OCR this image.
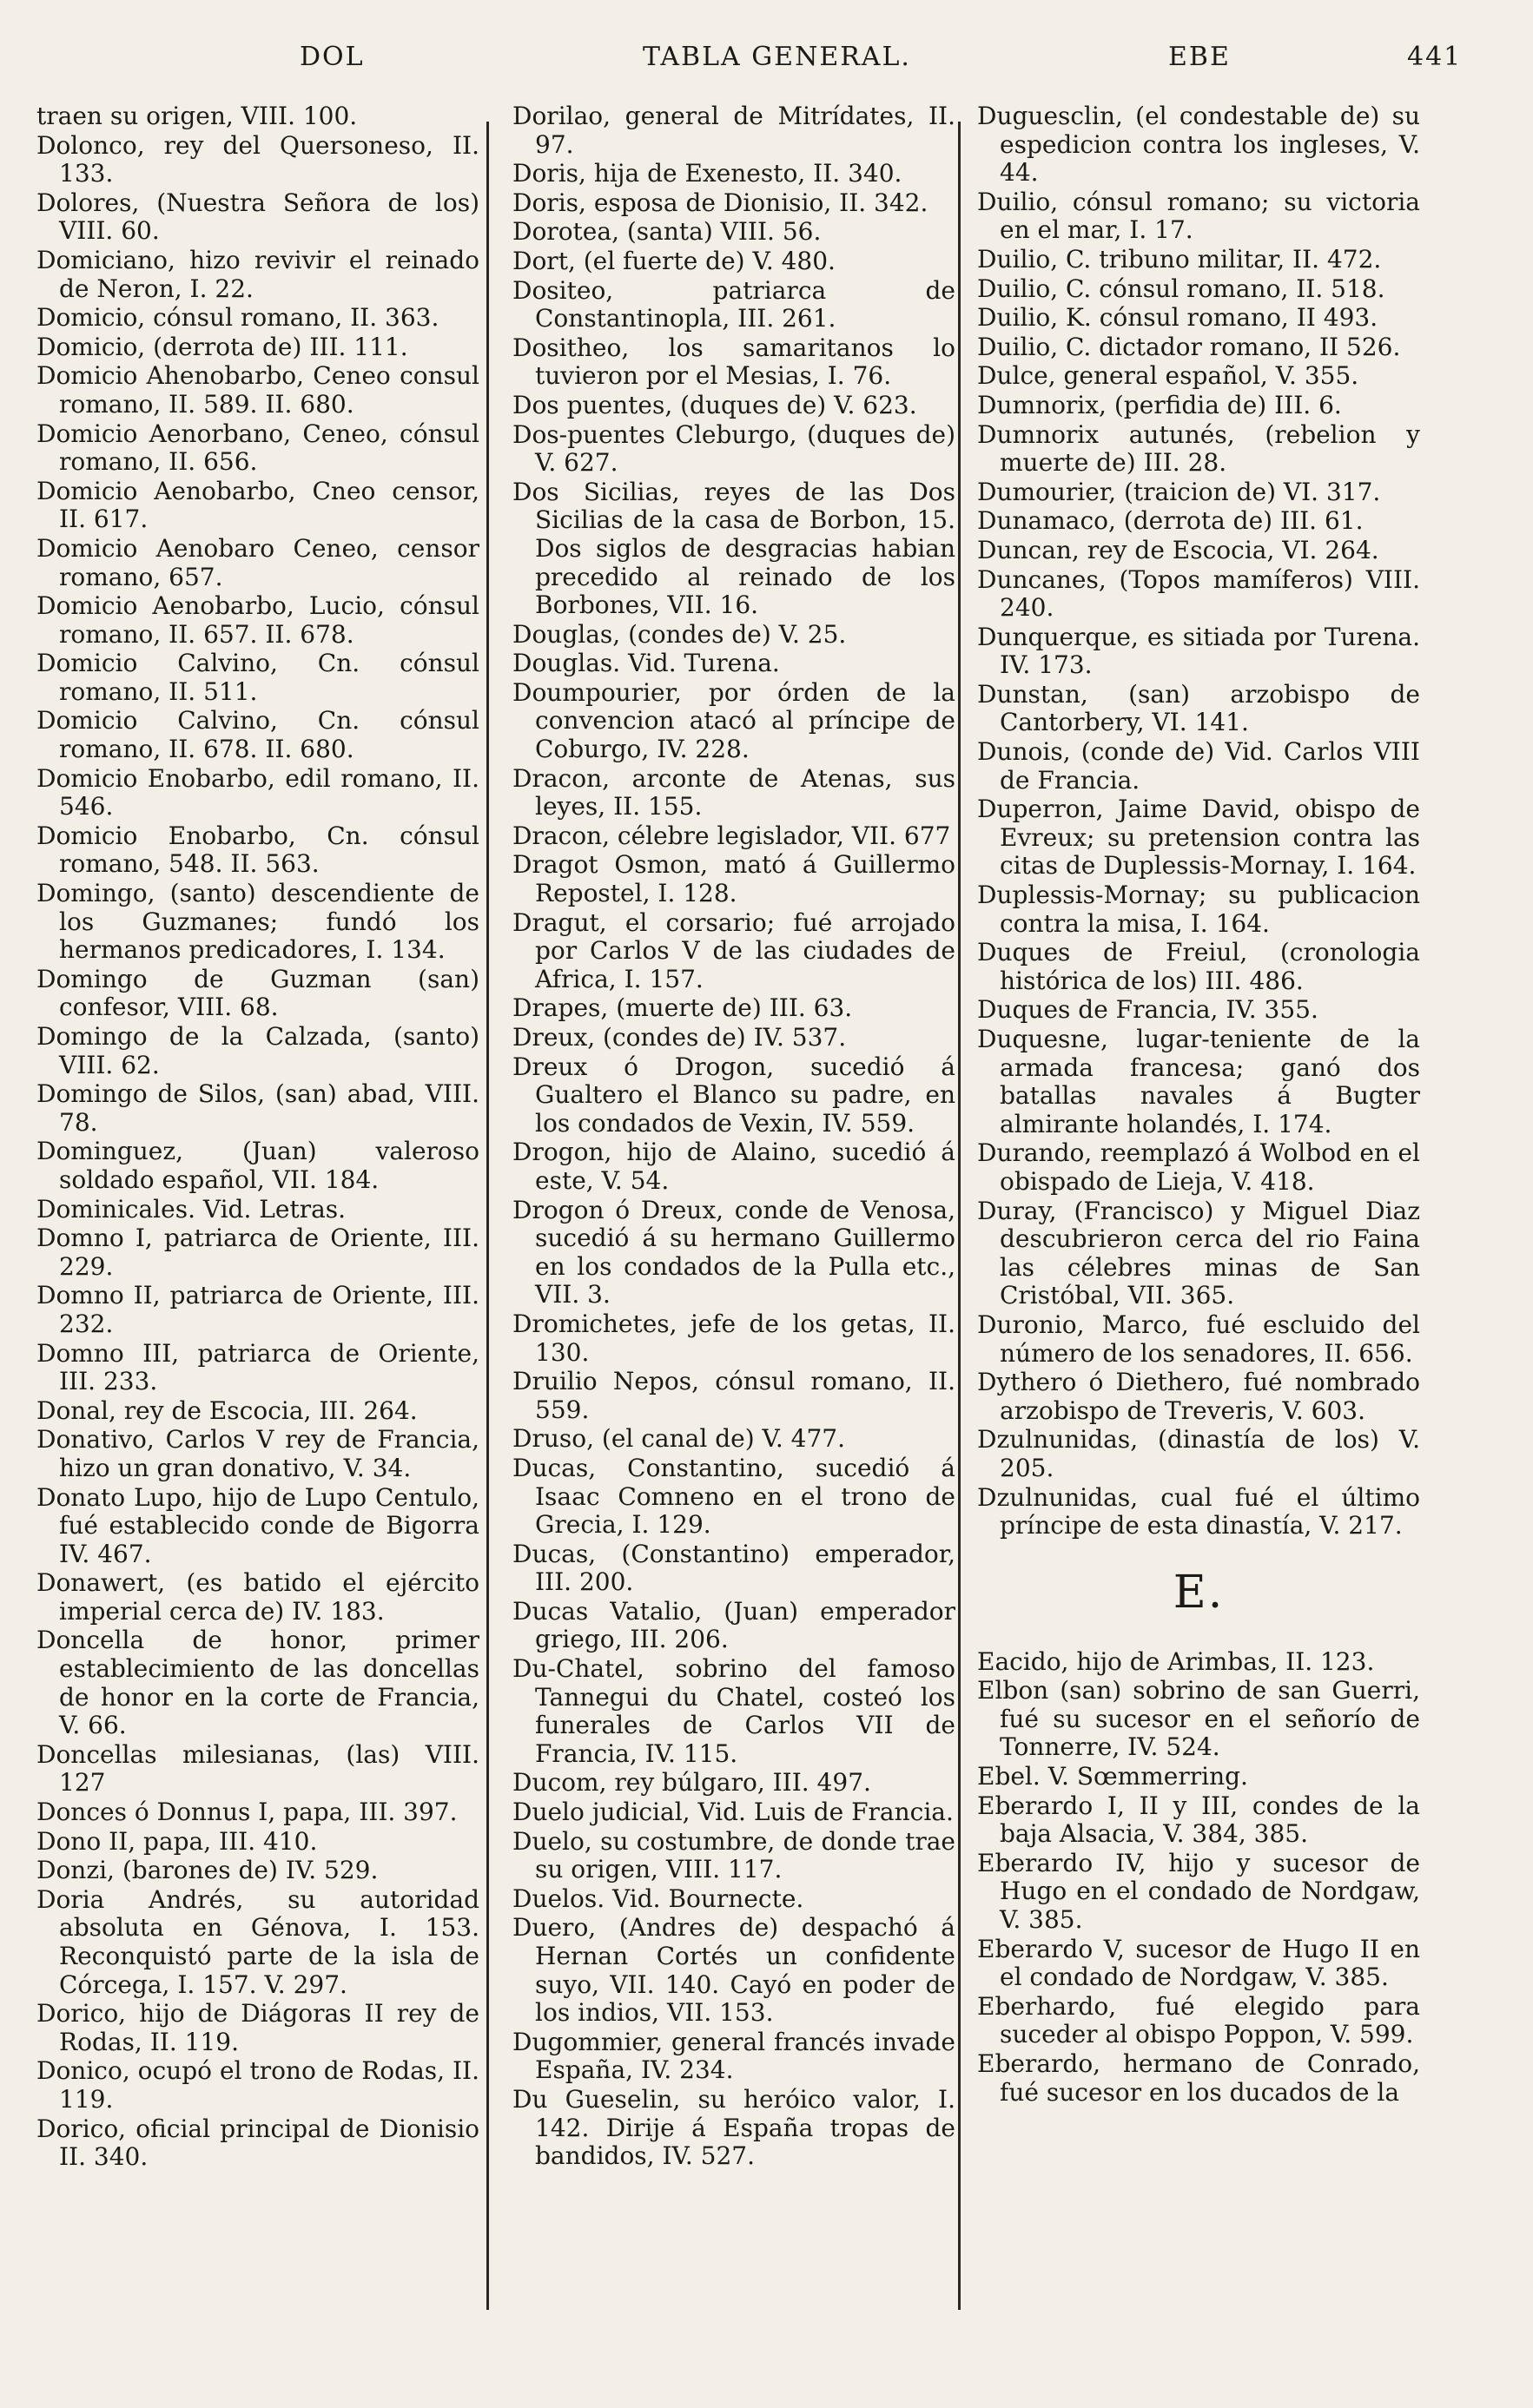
DOL	TABLA GENERAL.	EBE	441

traen su origen, VIII. 100.

Dolonco, rey del Quersoneso, II. 133.

Dolores, (Nuestra Señora de los) VIII. 60.

Domiciano, hizo revivir el reinado de Neron, I. 22.

Domicio, cónsul romano, II. 363.

Domicio, (derrota de) III. 111.

Domicio Ahenobarbo, Ceneo consul romano, II. 589. II. 680.

Domicio Aenorbano, Ceneo, cónsul romano, II. 656.

Domicio Aenobarbo, Cneo censor, II. 617.

Domicio Aenobaro Ceneo, censor romano, 657.

Domicio Aenobarbo, Lucio, cónsul romano, II. 657. II. 678.

Domicio Calvino, Cn. cónsul romano, II. 511.

Domicio Calvino, Cn. cónsul romano, II. 678. II. 680.

Domicio Enobarbo, edil romano, II. 546.

Domicio Enobarbo, Cn. cónsul romano, 548. II. 563.

Domingo, (santo) descendiente de los Guzmanes; fundó los hermanos predicadores, I. 134.

Domingo de Guzman (san) confesor, VIII. 68.

Domingo de la Calzada, (santo) VIII. 62.

Domingo de Silos, (san) abad, VIII. 78.

Dominguez, (Juan) valeroso soldado español, VII. 184.

Dominicales. Vid. Letras.

Domno I, patriarca de Oriente, III. 229.

Domno II, patriarca de Oriente, III. 232.

Domno III, patriarca de Oriente, III. 233.

Donal, rey de Escocia, III. 264.

Donativo, Carlos V rey de Francia, hizo un gran donativo, V. 34.

Donato Lupo, hijo de Lupo Centulo, fué establecido conde de Bigorra IV. 467.

Donawert, (es batido el ejército imperial cerca de) IV. 183.

Doncella de honor, primer establecimiento de las doncellas de honor en la corte de Francia, V. 66.

Doncellas milesianas, (las) VIII. 127

Donces ó Donnus I, papa, III. 397.

Dono II, papa, III. 410.

Donzi, (barones de) IV. 529.

Doria Andrés, su autoridad absoluta en Génova, I. 153. Reconquistó parte de la isla de Córcega, I. 157. V. 297.

Dorico, hijo de Diágoras II rey de Rodas, II. 119.

Donico, ocupó el trono de Rodas, II. 119.

Dorico, oficial principal de Dionisio II. 340.

Dorilao, general de Mitrídates, II. 97.

Doris, hija de Exenesto, II. 340.

Doris, esposa de Dionisio, II. 342.

Dorotea, (santa) VIII. 56.

Dort, (el fuerte de) V. 480.

Dositeo, patriarca de Constantinopla, III. 261.

Dositheo, los samaritanos lo tuvieron por el Mesias, I. 76.

Dos puentes, (duques de) V. 623.

Dos-puentes Cleburgo, (duques de) V. 627.

Dos Sicilias, reyes de las Dos Sicilias de la casa de Borbon, 15. Dos siglos de desgracias habian precedido al reinado de los Borbones, VII. 16.

Douglas, (condes de) V. 25.

Douglas. Vid. Turena.

Doumpourier, por órden de la convencion atacó al príncipe de Coburgo, IV. 228.

Dracon, arconte de Atenas, sus leyes, II. 155.

Dracon, célebre legislador, VII. 677

Dragot Osmon, mató á Guillermo Repostel, I. 128.

Dragut, el corsario; fué arrojado por Carlos V de las ciudades de Africa, I. 157.

Drapes, (muerte de) III. 63.

Dreux, (condes de) IV. 537.

Dreux ó Drogon, sucedió á Gualtero el Blanco su padre, en los condados de Vexin, IV. 559.

Drogon, hijo de Alaino, sucedió á este, V. 54.

Drogon ó Dreux, conde de Venosa, sucedió á su hermano Guillermo en los condados de la Pulla etc., VII. 3.

Dromichetes, jefe de los getas, II. 130.

Druilio Nepos, cónsul romano, II. 559.

Druso, (el canal de) V. 477.

Ducas, Constantino, sucedió á Isaac Comneno en el trono de Grecia, I. 129.

Ducas, (Constantino) emperador, III. 200.

Ducas Vatalio, (Juan) emperador griego, III. 206.

Du-Chatel, sobrino del famoso Tannegui du Chatel, costeó los funerales de Carlos VII de Francia, IV. 115.

Ducom, rey búlgaro, III. 497.

Duelo judicial, Vid. Luis de Francia.

Duelo, su costumbre, de donde trae su origen, VIII. 117.

Duelos. Vid. Bournecte.

Duero, (Andres de) despachó á Hernan Cortés un confidente suyo, VII. 140. Cayó en poder de los indios, VII. 153.

Dugommier, general francés invade España, IV. 234.

Du Gueselin, su heróico valor, I. 142. Dirije á España tropas de bandidos, IV. 527.

Duguesclin, (el condestable de) su espedicion contra los ingleses, V. 44.

Duilio, cónsul romano; su victoria en el mar, I. 17.

Duilio, C. tribuno militar, II. 472.

Duilio, C. cónsul romano, II. 518.

Duilio, K. cónsul romano, II 493.

Duilio, C. dictador romano, II 526.

Dulce, general español, V. 355.

Dumnorix, (perfidia de) III. 6.

Dumnorix autunés, (rebelion y muerte de) III. 28.

Dumourier, (traicion de) VI. 317.

Dunamaco, (derrota de) III. 61.

Duncan, rey de Escocia, VI. 264.

Duncanes, (Topos mamíferos) VIII. 240.

Dunquerque, es sitiada por Turena. IV. 173.

Dunstan, (san) arzobispo de Cantorbery, VI. 141.

Dunois, (conde de) Vid. Carlos VIII de Francia.

Duperron, Jaime David, obispo de Evreux; su pretension contra las citas de Duplessis-Mornay, I. 164.

Duplessis-Mornay; su publicacion contra la misa, I. 164.

Duques de Freiul, (cronologia histórica de los) III. 486.

Duques de Francia, IV. 355.

Duquesne, lugar-teniente de la armada francesa; ganó dos batallas navales á Bugter almirante holandés, I. 174.

Durando, reemplazó á Wolbod en el obispado de Lieja, V. 418.

Duray, (Francisco) y Miguel Diaz descubrieron cerca del rio Faina las célebres minas de San Cristóbal, VII. 365.

Duronio, Marco, fué escluido del número de los senadores, II. 656.

Dythero ó Diethero, fué nombrado arzobispo de Treveris, V. 603.

Dzulnunidas, (dinastía de los) V. 205.

Dzulnunidas, cual fué el último príncipe de esta dinastía, V. 217.

E.

Eacido, hijo de Arimbas, II. 123.

Elbon (san) sobrino de san Guerri, fué su sucesor en el señorío de Tonnerre, IV. 524.

Ebel. V. Sœmmerring.

Eberardo I, II y III, condes de la baja Alsacia, V. 384, 385.

Eberardo IV, hijo y sucesor de Hugo en el condado de Nordgaw, V. 385.

Eberardo V, sucesor de Hugo II en el condado de Nordgaw, V. 385.

Eberhardo, fué elegido para suceder al obispo Poppon, V. 599.

Eberardo, hermano de Conrado, fué sucesor en los ducados de la
